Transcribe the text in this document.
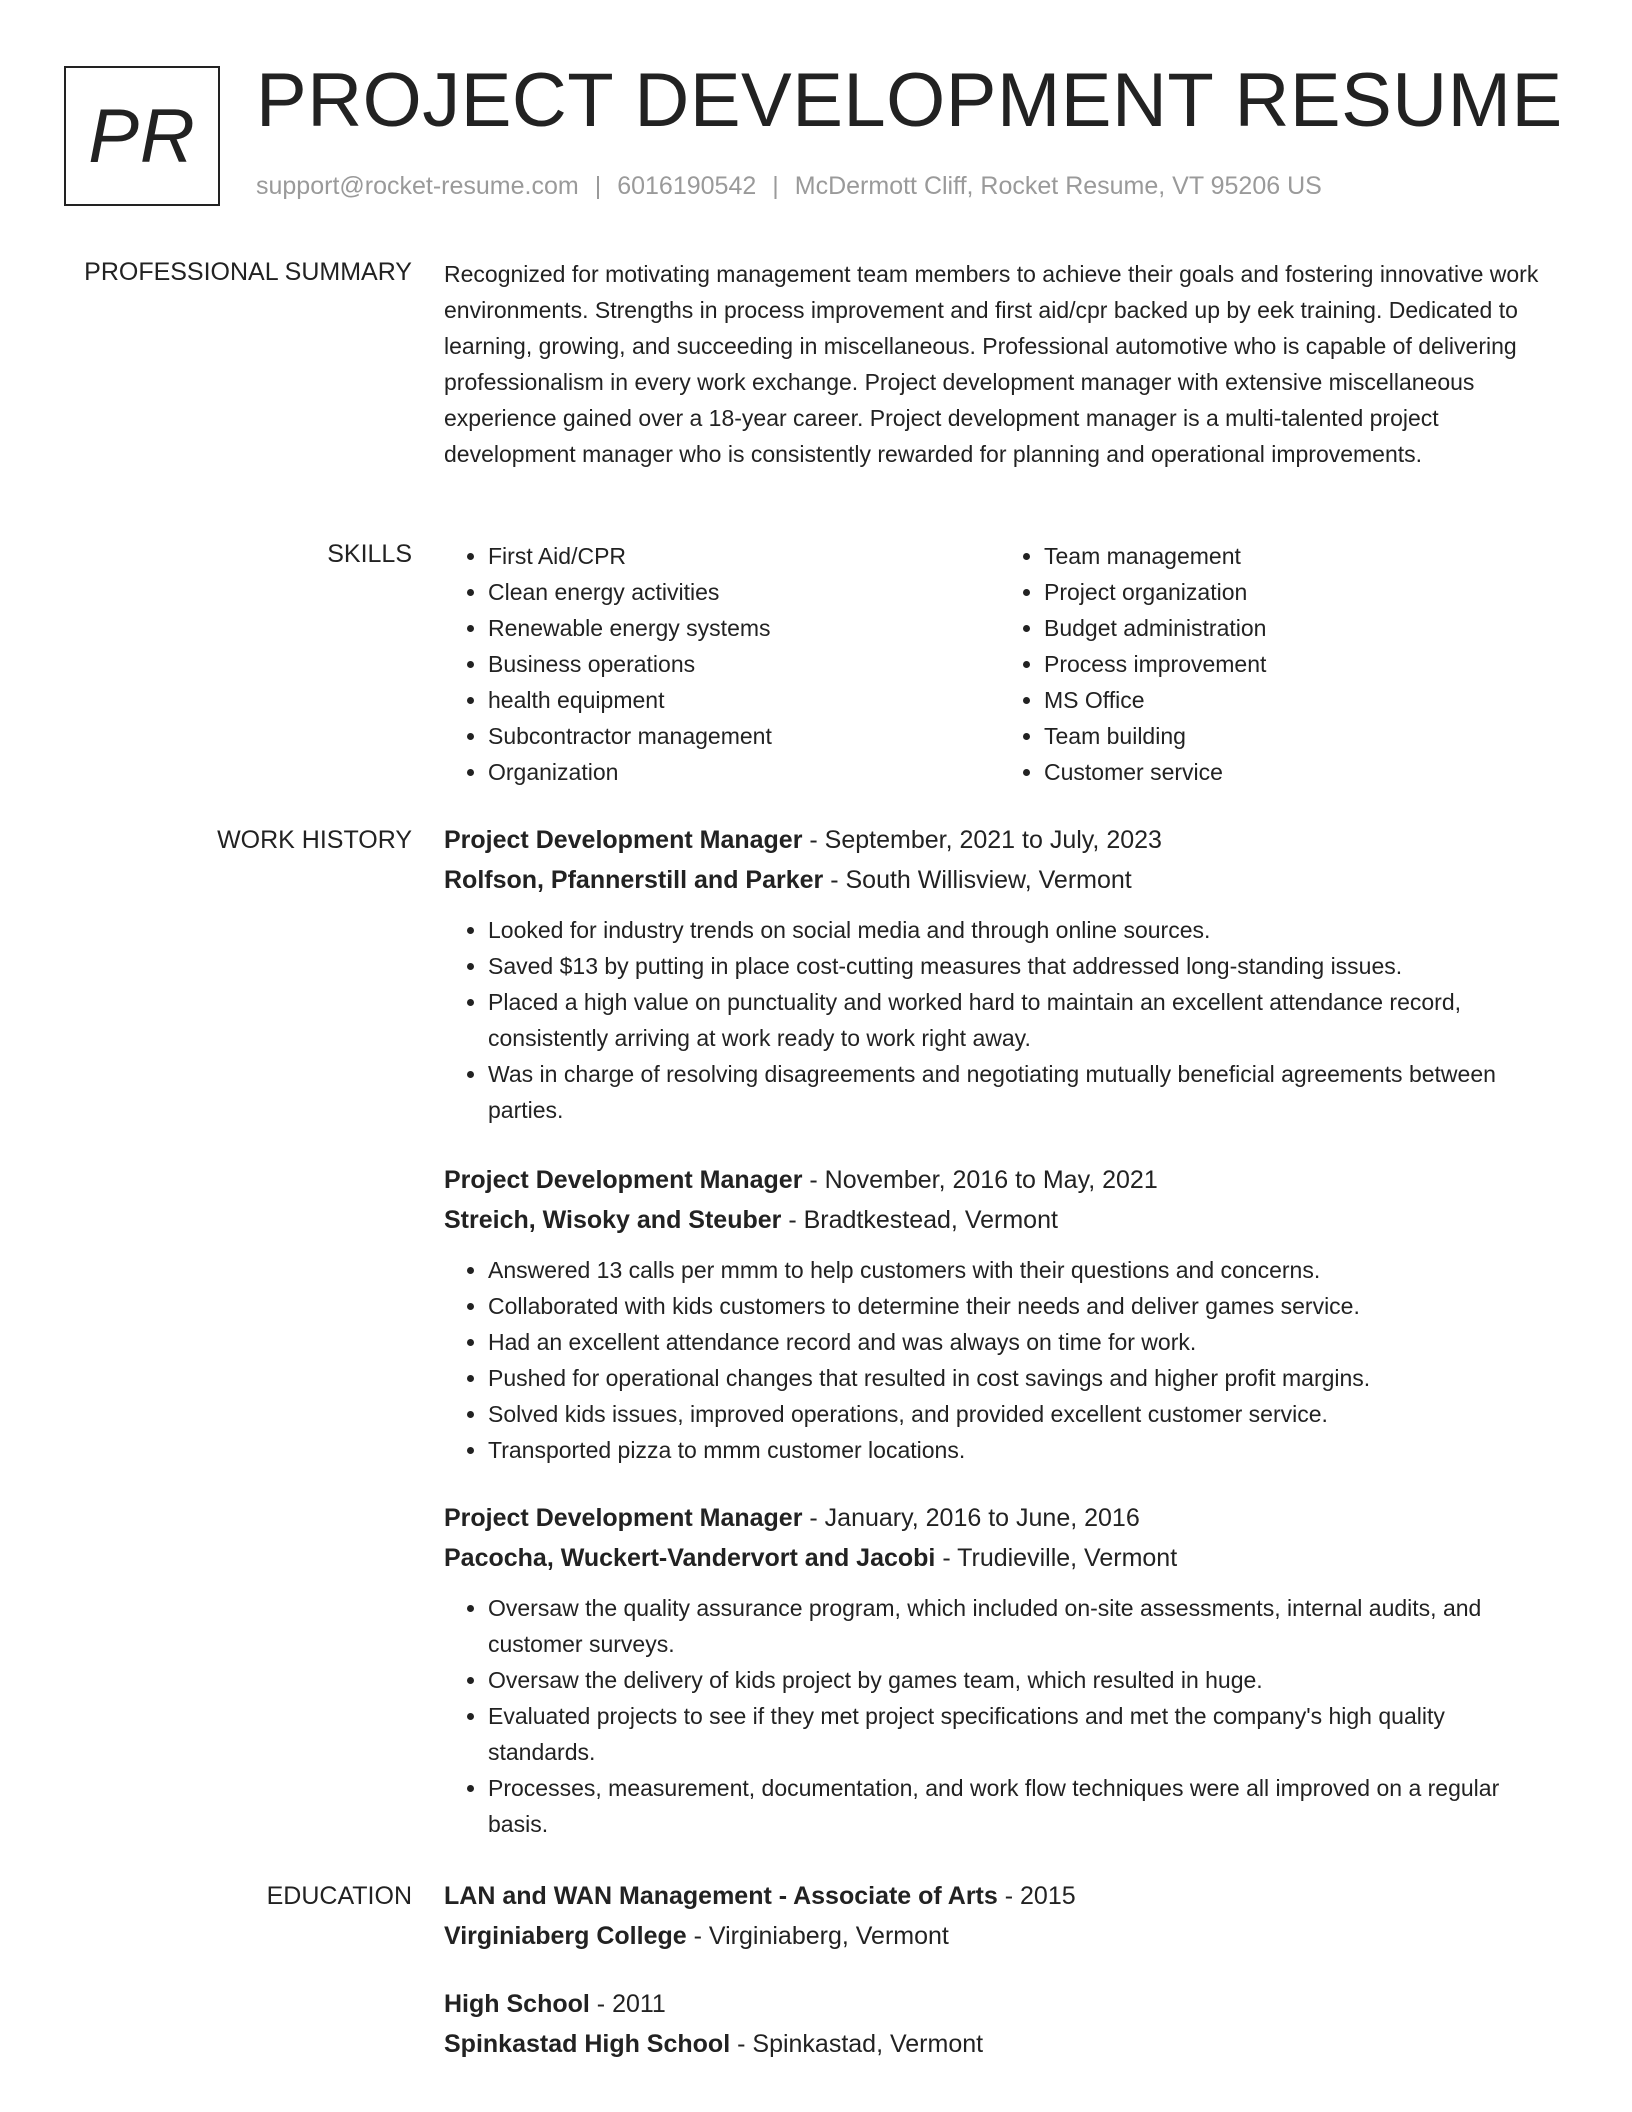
PR PROJECT DEVELOPMENT RESUME
support@rocket-resume.com | 6016190542 | McDermott Cliff, Rocket Resume, VT 95206 US
PROFESSIONAL SUMMARY Recognized for motivating management team members to achieve their goals and fostering innovative work environments. Strengths in process improvement and first aid/cpr backed up by eek training. Dedicated to learning, growing, and succeeding in miscellaneous. Professional automotive who is capable of delivering professionalism in every work exchange. Project development manager with extensive miscellaneous experience gained over a 18-year career. Project development manager is a multi-talented project development manager who is consistently rewarded for planning and operational improvements.
SKILLS
•	First Aid/CPR
• Clean energy activities
• Renewable energy systems
• Business operations
• health equipment
• Subcontractor management
• Organization
• Team management
• Project organization
• Budget administration
• Process improvement
• MS Office
• Team building
• Customer service
WORK HISTORY Project Development Manager - September, 2021 to July, 2023
Rolfson, Pfannerstill and Parker - South Willisview, Vermont
• Looked for industry trends on social media and through online sources.
• Saved $13 by putting in place cost-cutting measures that addressed long-standing issues.
• Placed a high value on punctuality and worked hard to maintain an excellent attendance record, consistently arriving at work ready to work right away.
• Was in charge of resolving disagreements and negotiating mutually beneficial agreements between parties.
Project Development Manager - November, 2016 to May, 2021
Streich, Wisoky and Steuber - Bradtkestead, Vermont
• Answered 13 calls per mmm to help customers with their questions and concerns.
• Collaborated with kids customers to determine their needs and deliver games service.
• Had an excellent attendance record and was always on time for work.
• Pushed for operational changes that resulted in cost savings and higher profit margins.
• Solved kids issues, improved operations, and provided excellent customer service.
• Transported pizza to mmm customer locations.
Project Development Manager - January, 2016 to June, 2016
Pacocha, Wuckert-Vandervort and Jacobi - Trudieville, Vermont
• Oversaw the quality assurance program, which included on-site assessments, internal audits, and customer surveys.
• Oversaw the delivery of kids project by games team, which resulted in huge.
• Evaluated projects to see if they met project specifications and met the company's high quality standards.
• Processes, measurement, documentation, and work flow techniques were all improved on a regular basis.
EDUCATION LAN and WAN Management - Associate of Arts - 2015
Virginiaberg College - Virginiaberg, Vermont
High School - 2011
Spinkastad High School - Spinkastad, Vermont
